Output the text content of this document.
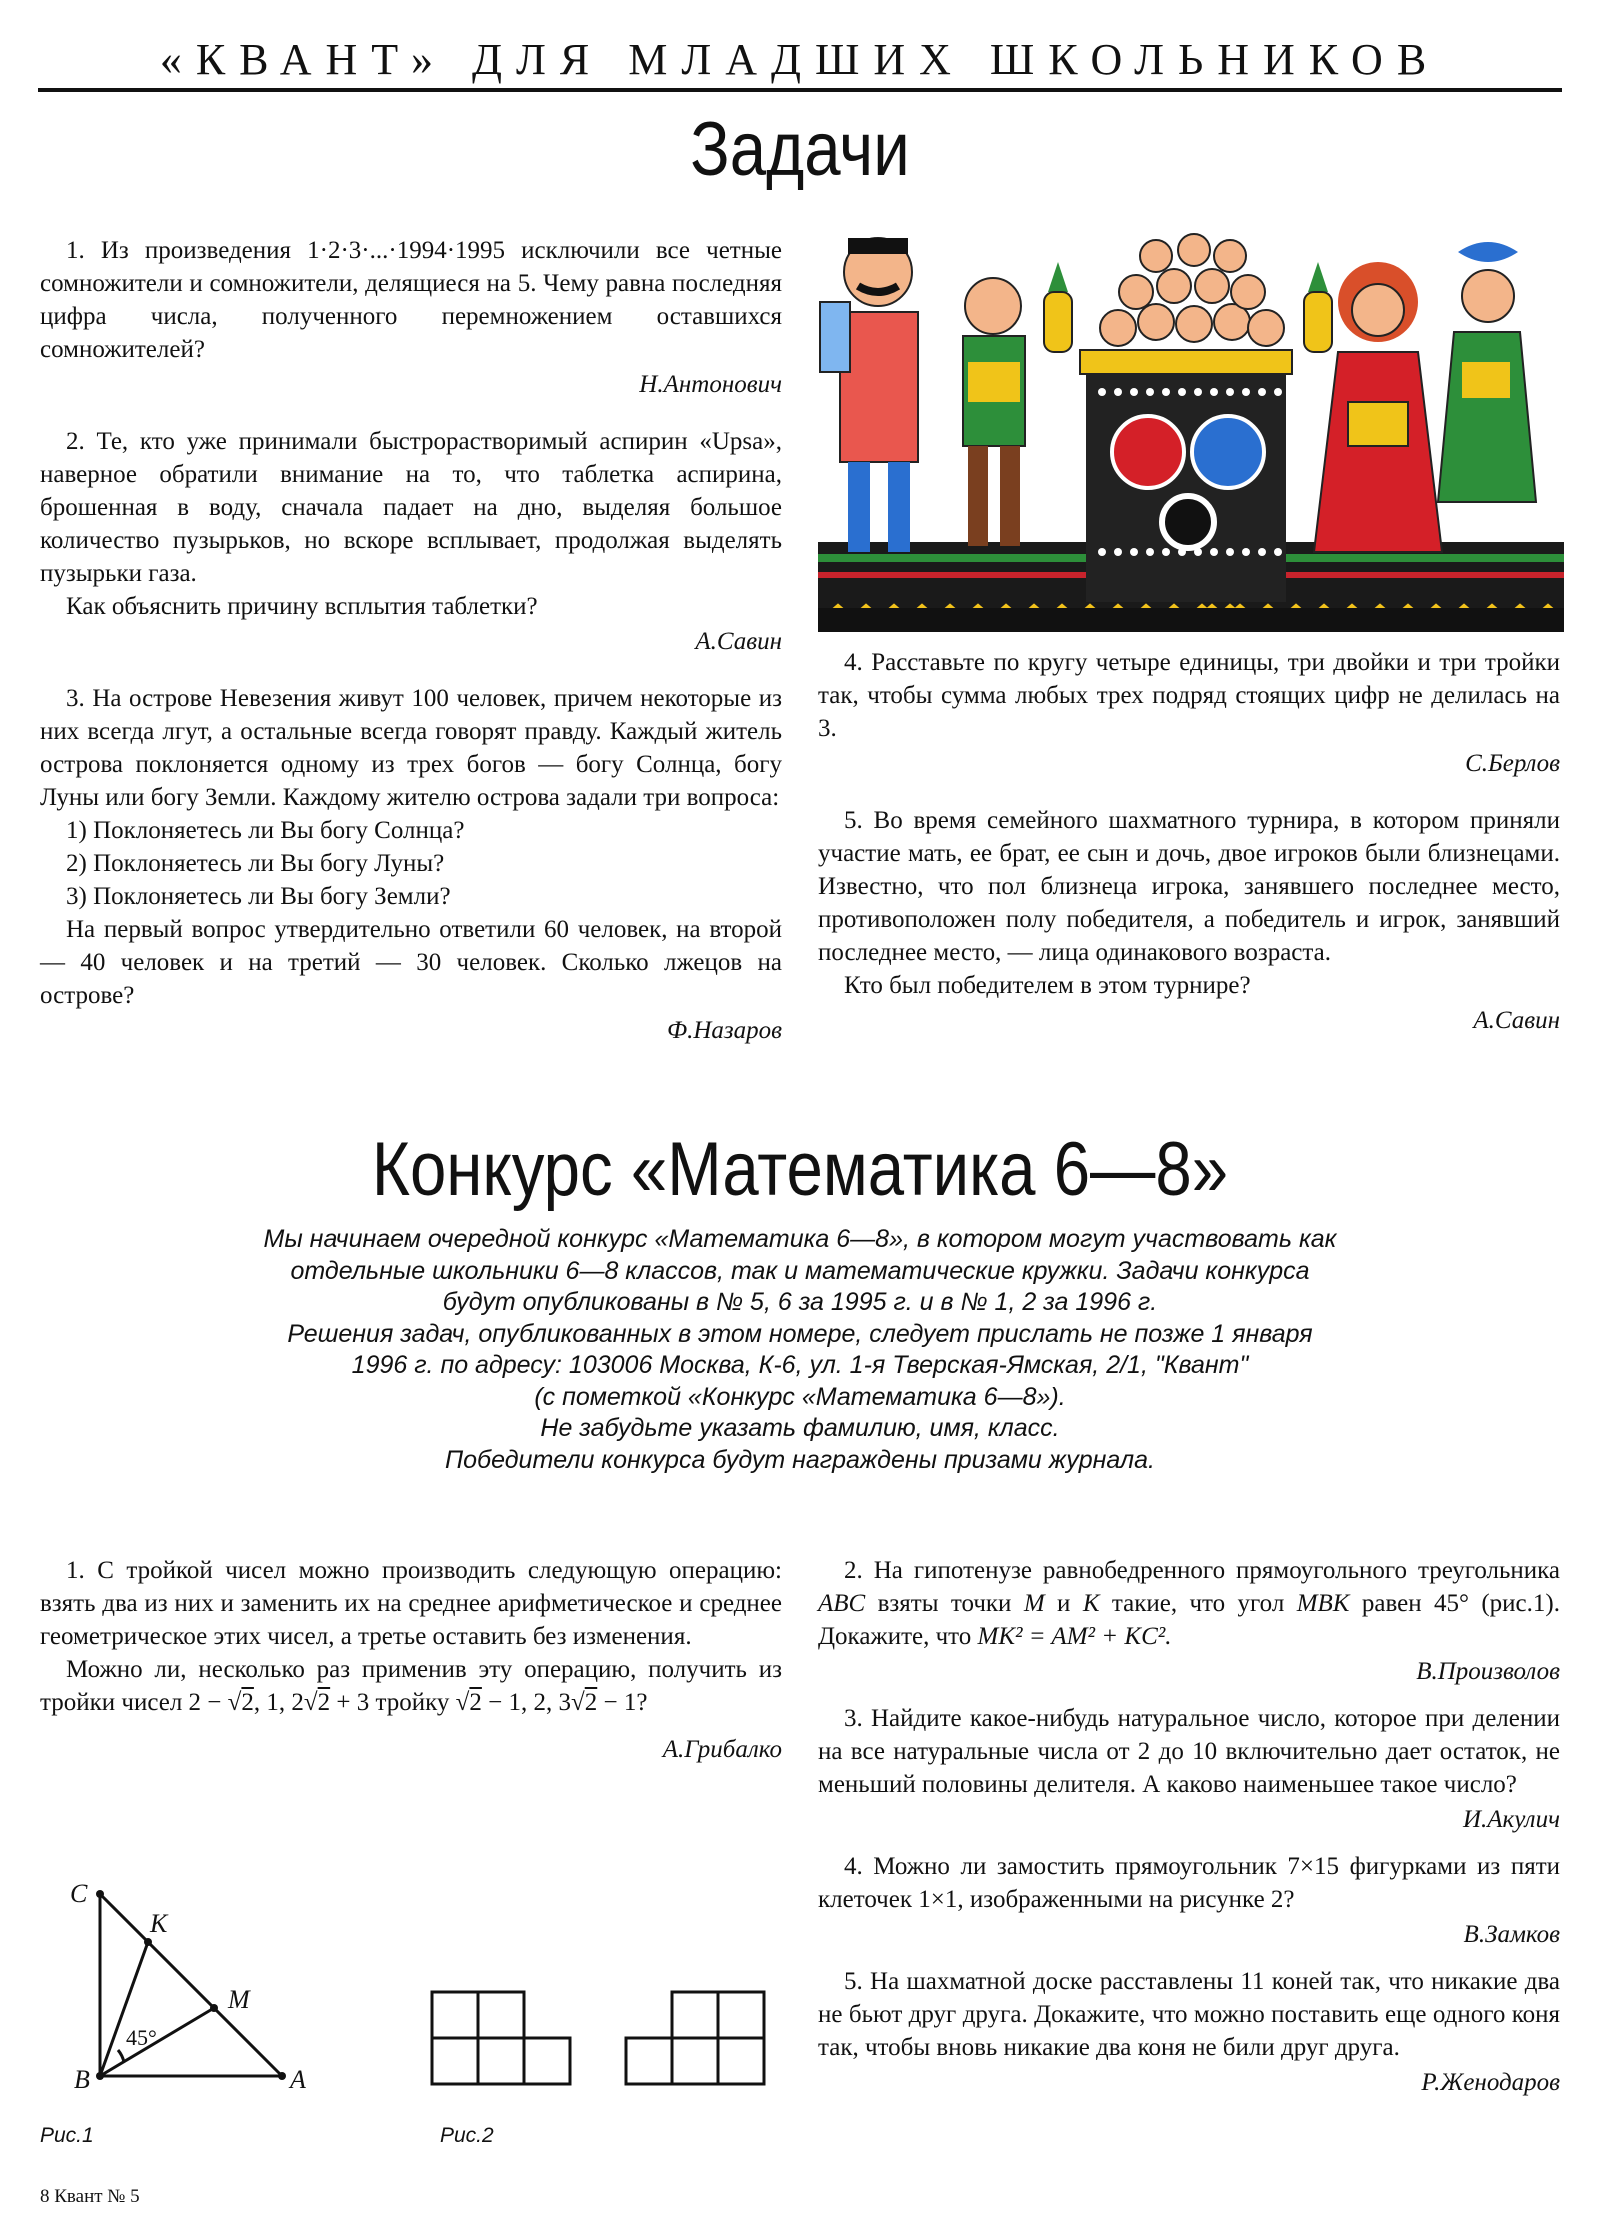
«КВАНТ» ДЛЯ МЛАДШИХ ШКОЛЬНИКОВ
Задачи

1. Из произведения 1·2·3·...·1994·1995 исключили все четные сомножители и сомножители, делящиеся на 5. Чему равна последняя цифра числа, полученного перемножением оставшихся сомножителей?

Н.Антонович

2. Те, кто уже принимали быстрорастворимый аспирин «Upsa», наверное обратили внимание на то, что таблетка аспирина, брошенная в воду, сначала падает на дно, выделяя большое количество пузырьков, но вскоре всплывает, продолжая выделять пузырьки газа.

Как объяснить причину всплытия таблетки?

А.Савин

3. На острове Невезения живут 100 человек, причем некоторые из них всегда лгут, а остальные всегда говорят правду. Каждый житель острова поклоняется одному из трех богов — богу Солнца, богу Луны или богу Земли. Каждому жителю острова задали три вопроса:

1) Поклоняетесь ли Вы богу Солнца?

2) Поклоняетесь ли Вы богу Луны?

3) Поклоняетесь ли Вы богу Земли?

На первый вопрос утвердительно ответили 60 человек, на второй — 40 человек и на третий — 30 человек. Сколько лжецов на острове?

Ф.Назаров

4. Расставьте по кругу четыре единицы, три двойки и три тройки так, чтобы сумма любых трех подряд стоящих цифр не делилась на 3.

С.Берлов

5. Во время семейного шахматного турнира, в котором приняли участие мать, ее брат, ее сын и дочь, двое игроков были близнецами. Известно, что пол близнеца игрока, занявшего последнее место, противоположен полу победителя, а победитель и игрок, занявший последнее место, — лица одинакового возраста.

Кто был победителем в этом турнире?

А.Савин
Конкурс «Математика 6—8»
Мы начинаем очередной конкурс «Математика 6—8», в котором могут участвовать как
отдельные школьники 6—8 классов, так и математические кружки. Задачи конкурса
будут опубликованы в № 5, 6 за 1995 г. и в № 1, 2 за 1996 г.
Решения задач, опубликованных в этом номере, следует прислать не позже 1 января
1996 г. по адресу: 103006 Москва, К-6, ул. 1-я Тверская-Ямская, 2/1, "Квант"
(с пометкой «Конкурс «Математика 6—8»).
Не забудьте указать фамилию, имя, класс.
Победители конкурса будут награждены призами журнала.

1. С тройкой чисел можно производить следующую операцию: взять два из них и заменить их на среднее арифметическое и среднее геометрическое этих чисел, а третье оставить без изменения.

Можно ли, несколько раз применив эту операцию, получить из тройки чисел 2 − √2, 1, 2√2 + 3 тройку √2 − 1, 2, 3√2 − 1?

А.Грибалко
C
K
M
B	A
45°
Рис.1	Рис.2

2. На гипотенузе равнобедренного прямоугольного треугольника ABC взяты точки M и K такие, что угол MBK равен 45° (рис.1). Докажите, что MK² = AM² + KC².

В.Произволов

3. Найдите какое-нибудь натуральное число, которое при делении на все натуральные числа от 2 до 10 включительно дает остаток, не меньший половины делителя. А каково наименьшее такое число?

И.Акулич

4. Можно ли замостить прямоугольник 7×15 фигурками из пяти клеточек 1×1, изображенными на рисунке 2?

В.Замков

5. На шахматной доске расставлены 11 коней так, что никакие два не бьют друг друга. Докажите, что можно поставить еще одного коня так, чтобы вновь никакие два коня не били друг друга.

Р.Женодаров
8 Квант № 5
